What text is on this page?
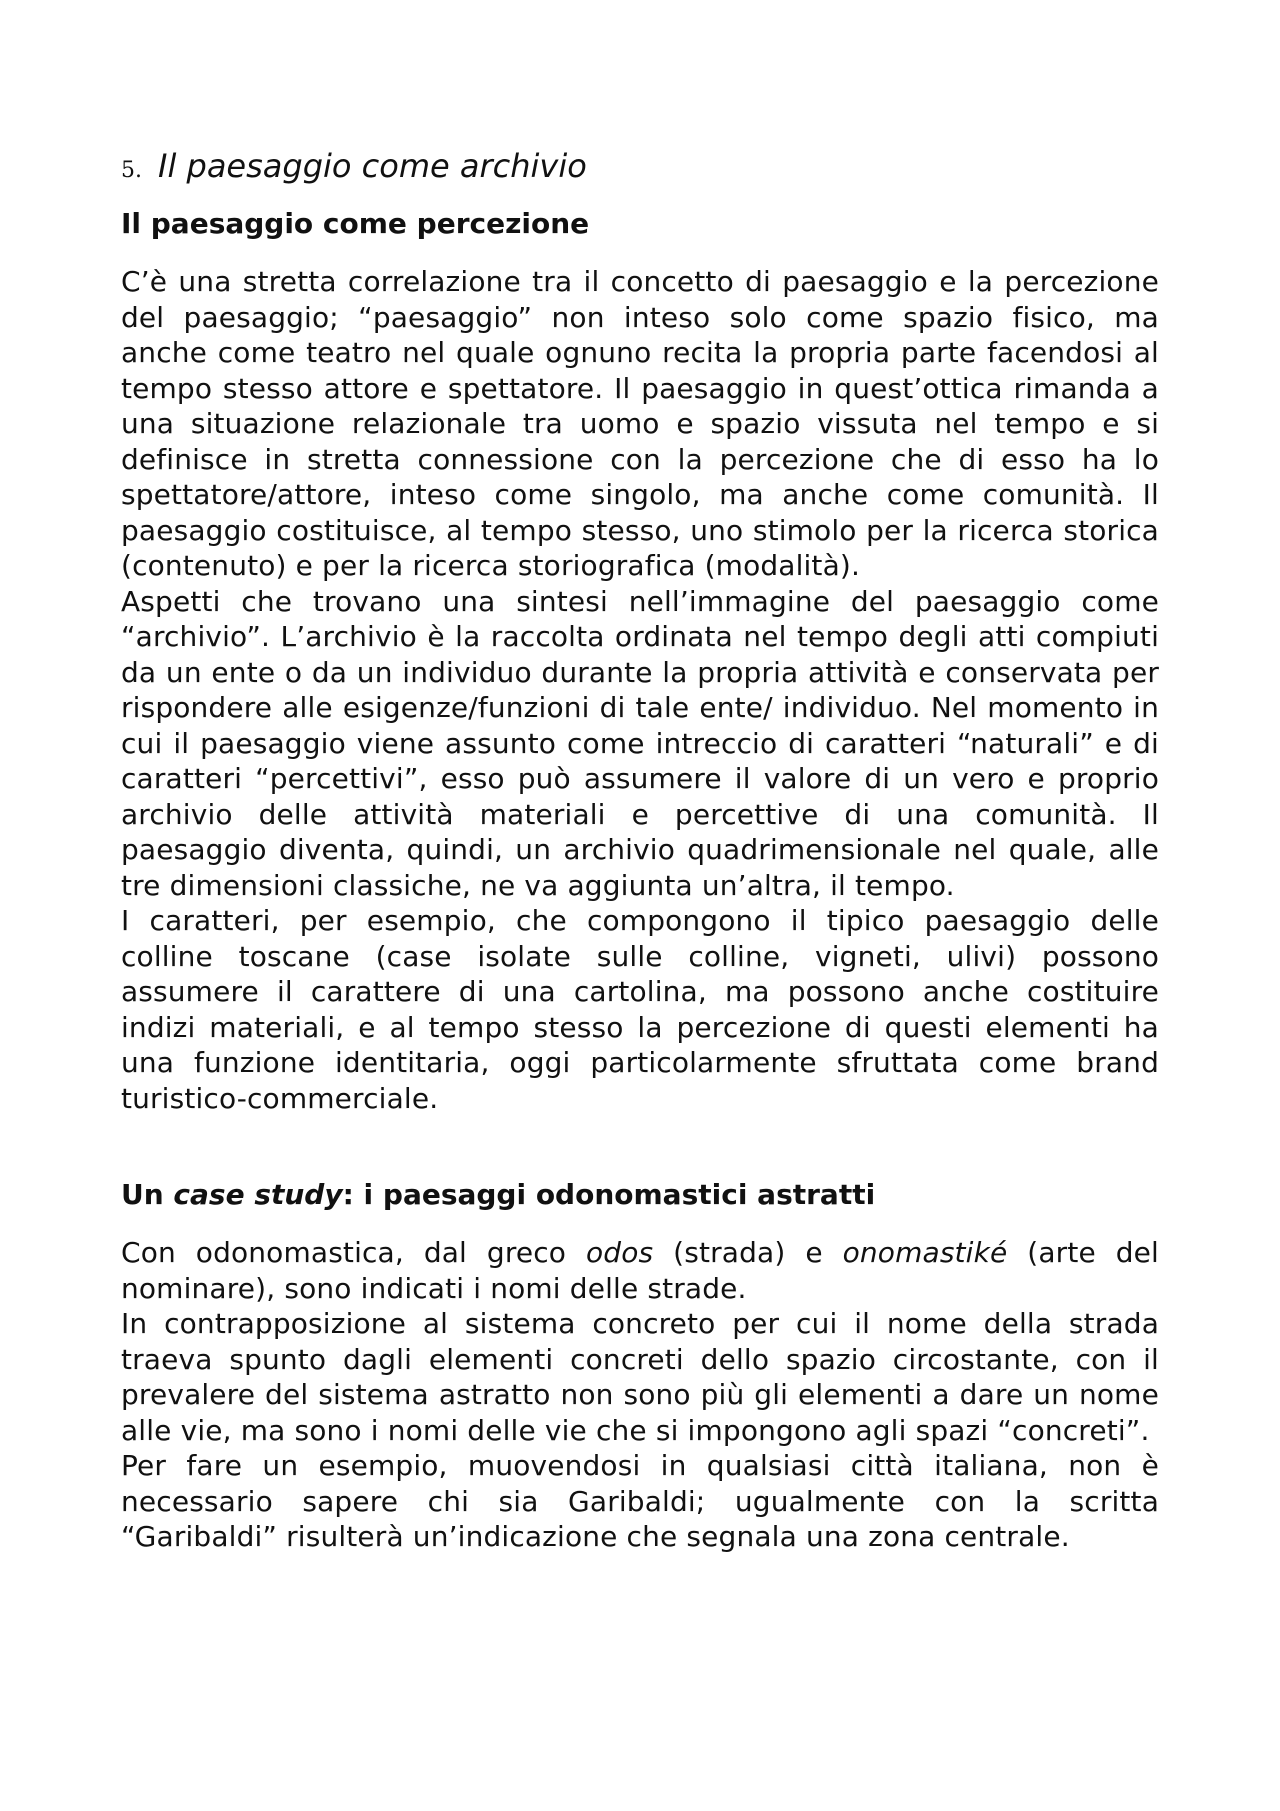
5. Il paesaggio come archivio
Il paesaggio come percezione

C’è una stretta correlazione tra il concetto di paesaggio e la percezione del paesaggio; “paesaggio” non inteso solo come spazio fisico, ma anche come teatro nel quale ognuno recita la propria parte facendosi al tempo stesso attore e spettatore. Il paesaggio in quest’ottica rimanda a una situazione relazionale tra uomo e spazio vissuta nel tempo e si definisce in stretta connessione con la percezione che di esso ha lo spettatore/attore, inteso come singolo, ma anche come comunità. Il paesaggio costituisce, al tempo stesso, uno stimolo per la ricerca storica (contenuto) e per la ricerca storiografica (modalità).

Aspetti che trovano una sintesi nell’immagine del paesaggio come “archivio”. L’archivio è la raccolta ordinata nel tempo degli atti compiuti da un ente o da un individuo durante la propria attività e conservata per rispondere alle esigenze/funzioni di tale ente/ individuo. Nel momento in cui il paesaggio viene assunto come intreccio di caratteri “naturali” e di caratteri “percettivi”, esso può assumere il valore di un vero e proprio archivio delle attività materiali e percettive di una comunità. Il paesaggio diventa, quindi, un archivio quadrimensionale nel quale, alle tre dimensioni classiche, ne va aggiunta un’altra, il tempo.

I caratteri, per esempio, che compongono il tipico paesaggio delle colline toscane (case isolate sulle colline, vigneti, ulivi) possono assumere il carattere di una cartolina, ma possono anche costituire indizi materiali, e al tempo stesso la percezione di questi elementi ha una funzione identitaria, oggi particolarmente sfruttata come brand turistico-commerciale.

Un case study: i paesaggi odonomastici astratti

Con odonomastica, dal greco odos (strada) e onomastiké (arte del nominare), sono indicati i nomi delle strade.

In contrapposizione al sistema concreto per cui il nome della strada traeva spunto dagli elementi concreti dello spazio circostante, con il prevalere del sistema astratto non sono più gli elementi a dare un nome alle vie, ma sono i nomi delle vie che si impongono agli spazi “concreti”.

Per fare un esempio, muovendosi in qualsiasi città italiana, non è necessario sapere chi sia Garibaldi; ugualmente con la scritta “Garibaldi” risulterà un’indicazione che segnala una zona centrale.
